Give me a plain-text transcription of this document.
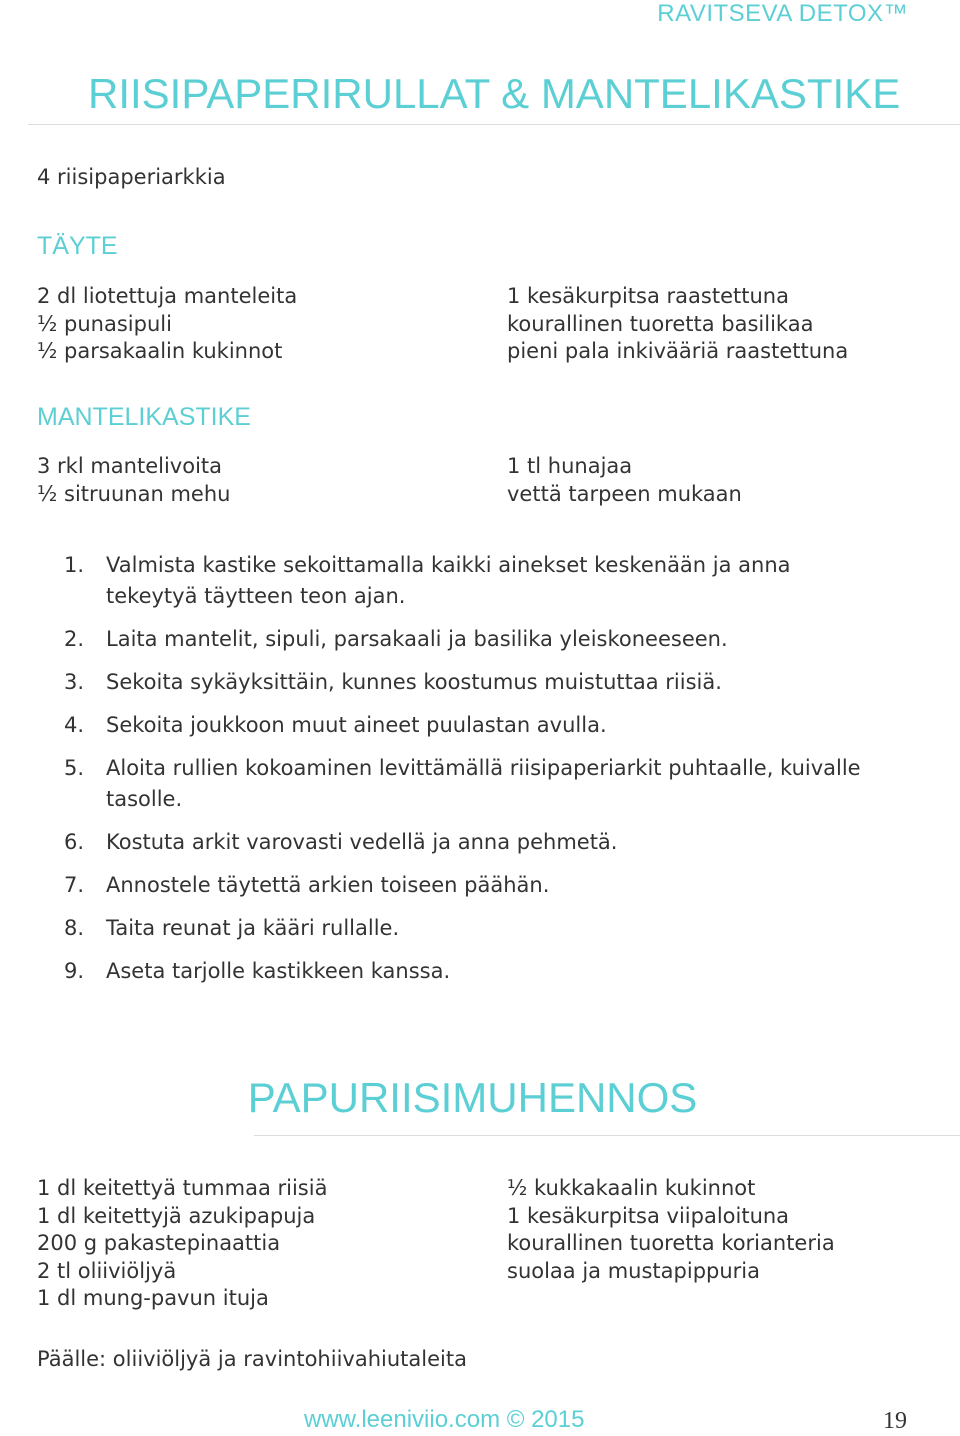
RAVITSEVA DETOX™
RIISIPAPERIRULLAT & MANTELIKASTIKE
4 riisipaperiarkkia
TÄYTE
2 dl liotettuja manteleita
½ punasipuli
½ parsakaalin kukinnot
1 kesäkurpitsa raastettuna
kourallinen tuoretta basilikaa
pieni pala inkivääriä raastettuna
MANTELIKASTIKE
3 rkl mantelivoita
½ sitruunan mehu
1 tl hunajaa
vettä tarpeen mukaan
1.	Valmista kastike sekoittamalla kaikki ainekset keskenään ja anna tekeytyä täytteen teon ajan.
2.	Laita mantelit, sipuli, parsakaali ja basilika yleiskoneeseen.
3.	Sekoita sykäyksittäin, kunnes koostumus muistuttaa riisiä.
4.	Sekoita joukkoon muut aineet puulastan avulla.
5.	Aloita rullien kokoaminen levittämällä riisipaperiarkit puhtaalle, kuivalle tasolle.
6.	Kostuta arkit varovasti vedellä ja anna pehmetä.
7.	Annostele täytettä arkien toiseen päähän.
8.	Taita reunat ja kääri rullalle.
9.	Aseta tarjolle kastikkeen kanssa.
PAPURIISIMUHENNOS
1 dl keitettyä tummaa riisiä
1 dl keitettyjä azukipapuja
200 g pakastepinaattia
2 tl oliiviöljyä
1 dl mung-pavun ituja
½ kukkakaalin kukinnot
1 kesäkurpitsa viipaloituna
kourallinen tuoretta korianteria
suolaa ja mustapippuria
Päälle: oliiviöljyä ja ravintohiivahiutaleita
www.leeniviio.com © 2015	19
